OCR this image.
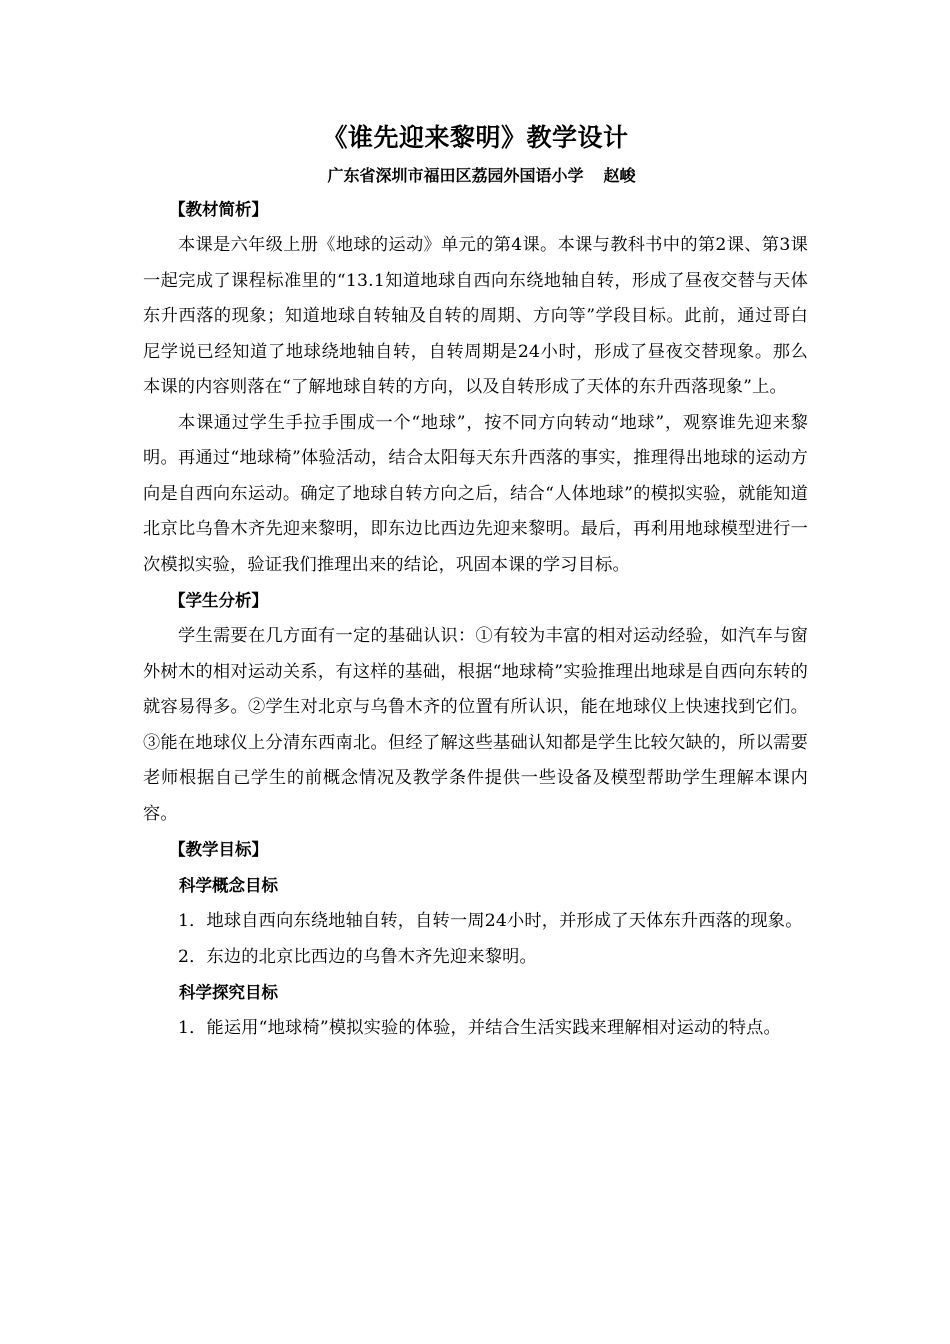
《谁先迎来黎明》教学设计

广东省深圳市福田区荔园外国语小学 赵峻

【教材简析】

本课是六年级上册《地球的运动》单元的第4课。本课与教科书中的第2课、第3课一起完成了课程标准里的“13.1知道地球自西向东绕地轴自转，形成了昼夜交替与天体东升西落的现象；知道地球自转轴及自转的周期、方向等”学段目标。此前，通过哥白尼学说已经知道了地球绕地轴自转，自转周期是24小时，形成了昼夜交替现象。那么本课的内容则落在“了解地球自转的方向，以及自转形成了天体的东升西落现象”上。

本课通过学生手拉手围成一个“地球”，按不同方向转动“地球”，观察谁先迎来黎明。再通过“地球椅”体验活动，结合太阳每天东升西落的事实，推理得出地球的运动方向是自西向东运动。确定了地球自转方向之后，结合“人体地球”的模拟实验，就能知道北京比乌鲁木齐先迎来黎明，即东边比西边先迎来黎明。最后，再利用地球模型进行一次模拟实验，验证我们推理出来的结论，巩固本课的学习目标。

【学生分析】

学生需要在几方面有一定的基础认识：①有较为丰富的相对运动经验，如汽车与窗外树木的相对运动关系，有这样的基础，根据“地球椅”实验推理出地球是自西向东转的就容易得多。②学生对北京与乌鲁木齐的位置有所认识，能在地球仪上快速找到它们。③能在地球仪上分清东西南北。但经了解这些基础认知都是学生比较欠缺的，所以需要老师根据自己学生的前概念情况及教学条件提供一些设备及模型帮助学生理解本课内容。

【教学目标】

科学概念目标

1．地球自西向东绕地轴自转，自转一周24小时，并形成了天体东升西落的现象。

2．东边的北京比西边的乌鲁木齐先迎来黎明。

科学探究目标

1．能运用“地球椅”模拟实验的体验，并结合生活实践来理解相对运动的特点。
